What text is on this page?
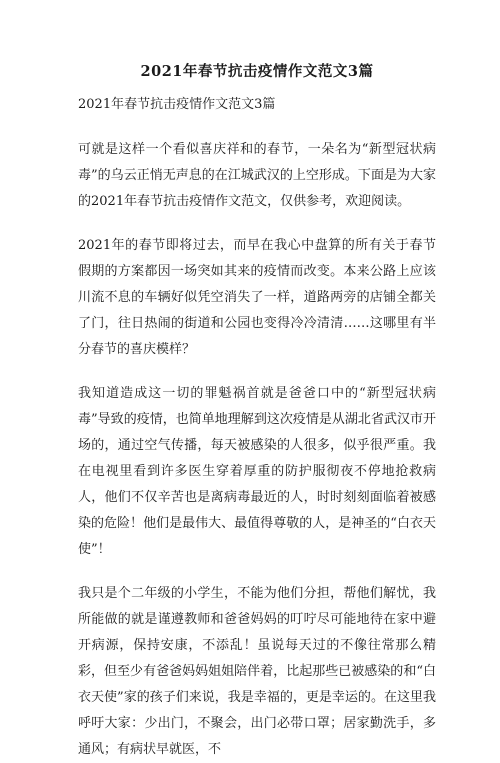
2021年春节抗击疫情作文范文3篇
2021年春节抗击疫情作文范文3篇

可就是这样一个看似喜庆祥和的春节，一朵名为“新型冠状病毒”的乌云正悄无声息的在江城武汉的上空形成。下面是为大家的2021年春节抗击疫情作文范文，仅供参考，欢迎阅读。

2021年的春节即将过去，而早在我心中盘算的所有关于春节假期的方案都因一场突如其来的疫情而改变。本来公路上应该川流不息的车辆好似凭空消失了一样，道路两旁的店铺全都关了门，往日热闹的街道和公园也变得冷冷清清……这哪里有半分春节的喜庆模样？

我知道造成这一切的罪魁祸首就是爸爸口中的“新型冠状病毒”导致的疫情，也简单地理解到这次疫情是从湖北省武汉市开场的，通过空气传播，每天被感染的人很多，似乎很严重。我在电视里看到许多医生穿着厚重的防护服彻夜不停地抢救病人，他们不仅辛苦也是离病毒最近的人，时时刻刻面临着被感染的危险！他们是最伟大、最值得尊敬的人，是神圣的“白衣天使”！

我只是个二年级的小学生，不能为他们分担，帮他们解忧，我所能做的就是谨遵教师和爸爸妈妈的叮咛尽可能地待在家中避开病源，保持安康，不添乱！虽说每天过的不像往常那么精彩，但至少有爸爸妈妈姐姐陪伴着，比起那些已被感染的和“白衣天使”家的孩子们来说，我是幸福的，更是幸运的。在这里我呼吁大家：少出门，不聚会，出门必带口罩；居家勤洗手，多通风；有病状早就医，不
